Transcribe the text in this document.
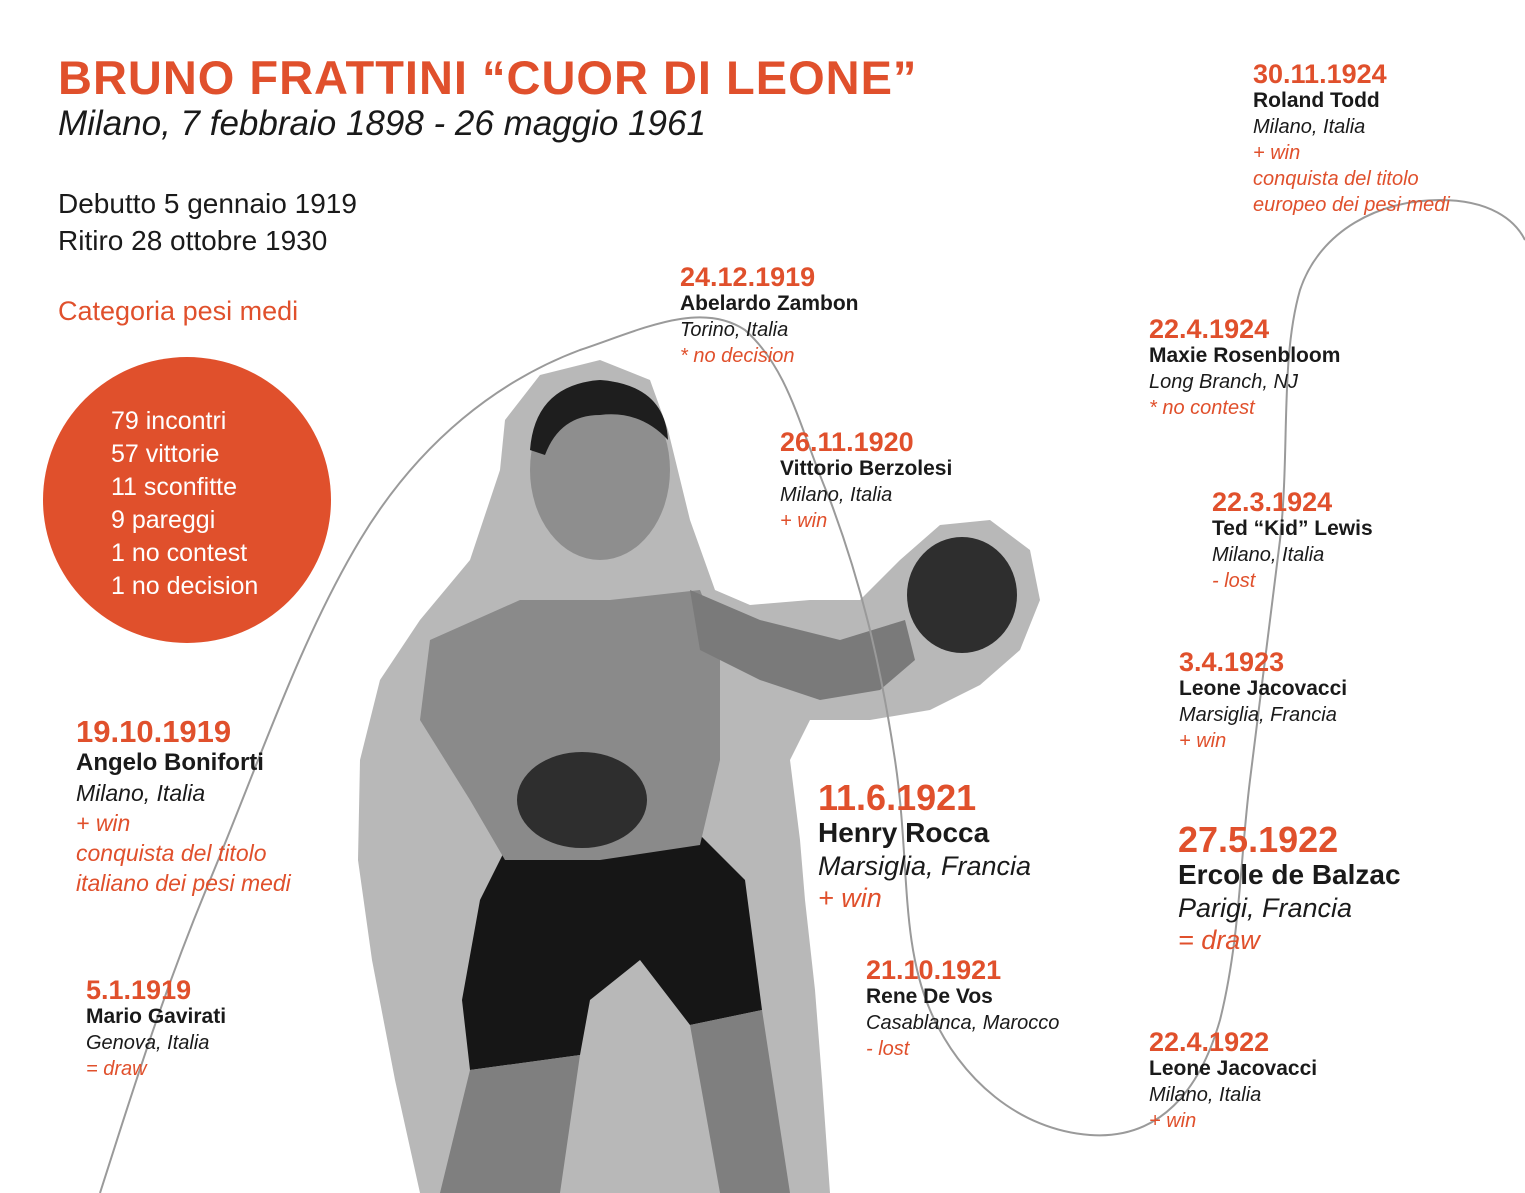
BRUNO FRATTINI “CUOR DI LEONE”
Milano, 7 febbraio 1898 - 26 maggio 1961
Debutto 5 gennaio 1919
Ritiro 28 ottobre 1930
Categoria pesi medi
79 incontri
57 vittorie
11 sconfitte
9 pareggi
1 no contest
1 no decision
5.1.1919
Mario Gavirati
Genova, Italia
= draw
19.10.1919
Angelo Boniforti
Milano, Italia
+ win
conquista del titolo
italiano dei pesi medi
24.12.1919
Abelardo Zambon
Torino, Italia
* no decision
26.11.1920
Vittorio Berzolesi
Milano, Italia
+ win
11.6.1921
Henry Rocca
Marsiglia, Francia
+ win
21.10.1921
Rene De Vos
Casablanca, Marocco
- lost	22.4.1922
Leone Jacovacci
Milano, Italia
+ win
27.5.1922
Ercole de Balzac
Parigi, Francia
= draw
3.4.1923
Leone Jacovacci
Marsiglia, Francia
+ win
22.3.1924
Ted “Kid” Lewis
Milano, Italia
- lost
22.4.1924
Maxie Rosenbloom
Long Branch, NJ
* no contest
30.11.1924
Roland Todd
Milano, Italia
+ win
conquista del titolo
europeo dei pesi medi
